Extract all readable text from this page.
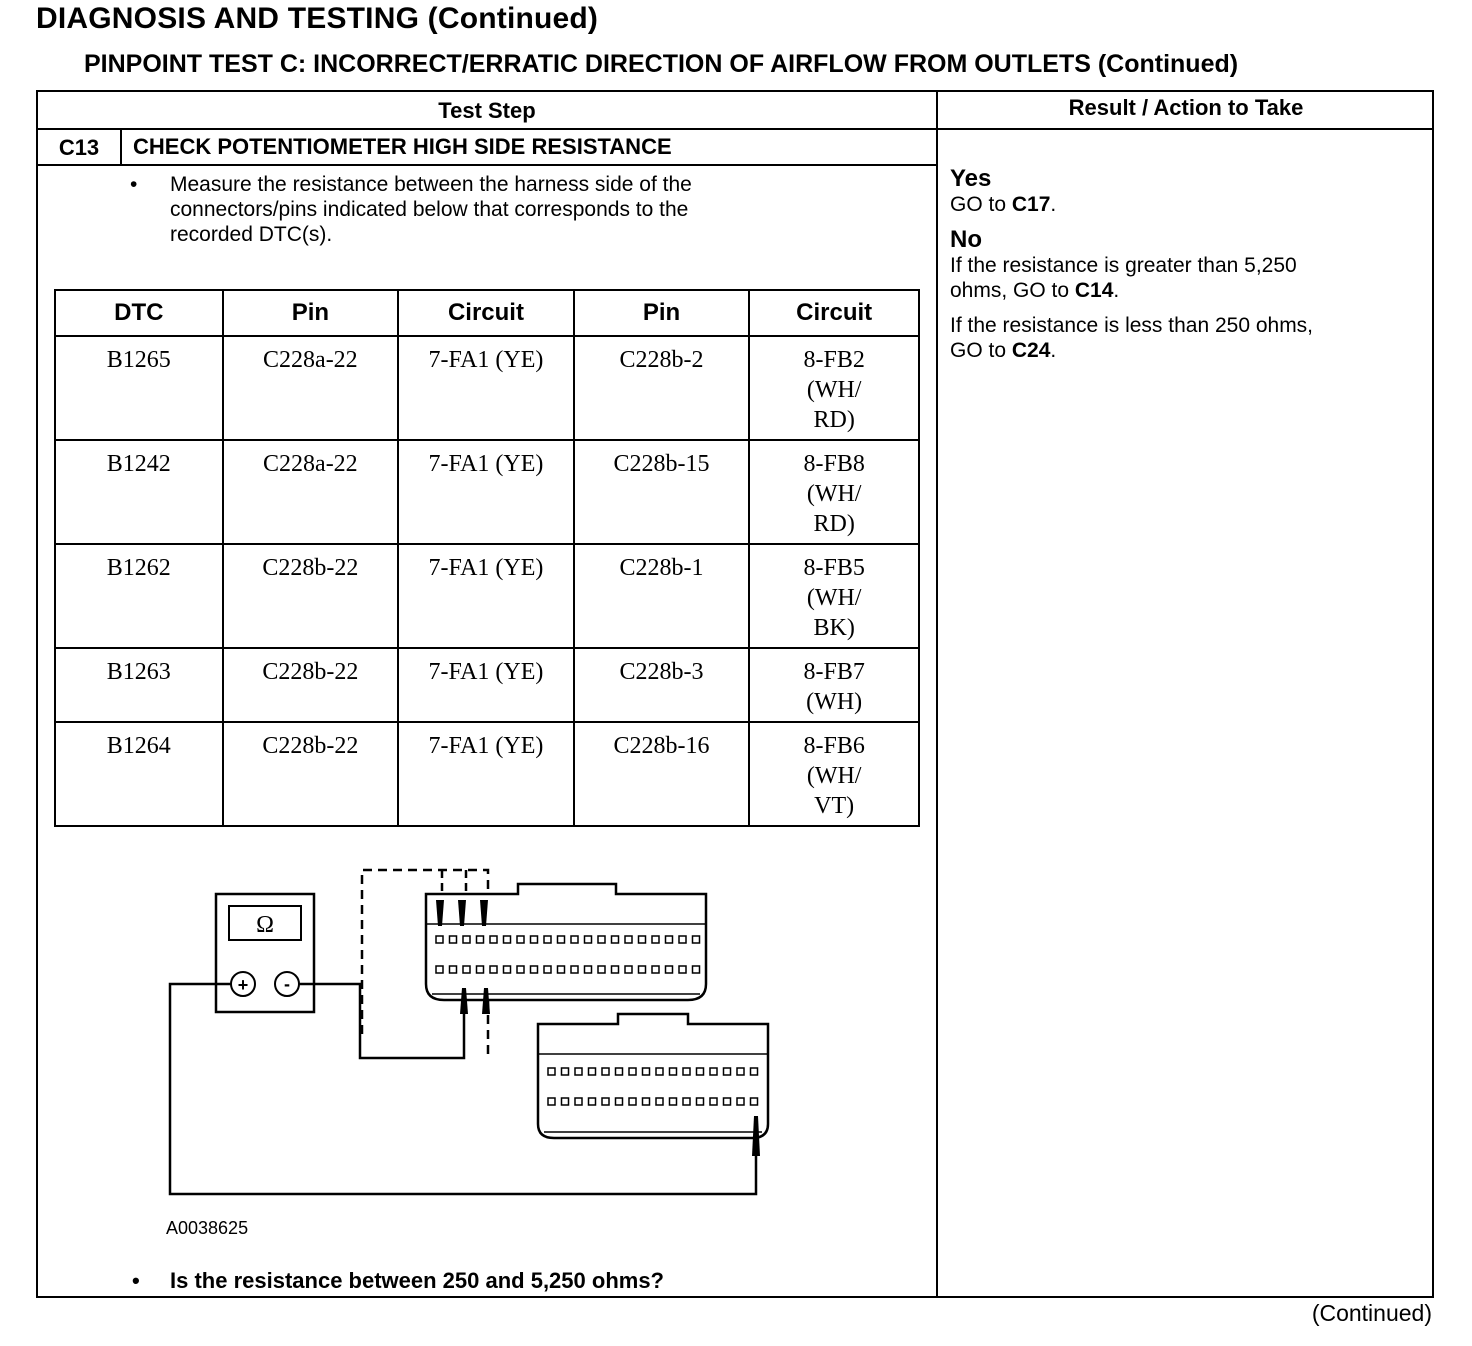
DIAGNOSIS AND TESTING (Continued)
PINPOINT TEST C: INCORRECT/ERRATIC DIRECTION OF AIRFLOW FROM OUTLETS (Continued)
Test Step	Result / Action to Take
C13	CHECK POTENTIOMETER HIGH SIDE RESISTANCE
• Measure the resistance between the harness side of the
connectors/pins indicated below that corresponds to the
recorded DTC(s).
DTC	Pin	Circuit	Pin	Circuit
B1265	C228a-22	7-FA1 (YE)	C228b-2	8-FB2
(WH/
RD)

B1242	C228a-22	7-FA1 (YE)	C228b-15	8-FB8
(WH/
RD)

B1262	C228b-22	7-FA1 (YE)	C228b-1	8-FB5
(WH/
BK)

B1263	C228b-22	7-FA1 (YE)	C228b-3	8-FB7
(WH)

B1264	C228b-22	7-FA1 (YE)	C228b-16	8-FB6
(WH/
VT)
Ω
+ -
A0038625
• Is the resistance between 250 and 5,250 ohms?
Yes

GO to C17.

No

If the resistance is greater than 5,250
ohms, GO to C14.

If the resistance is less than 250 ohms,
GO to C24.

(Continued)
